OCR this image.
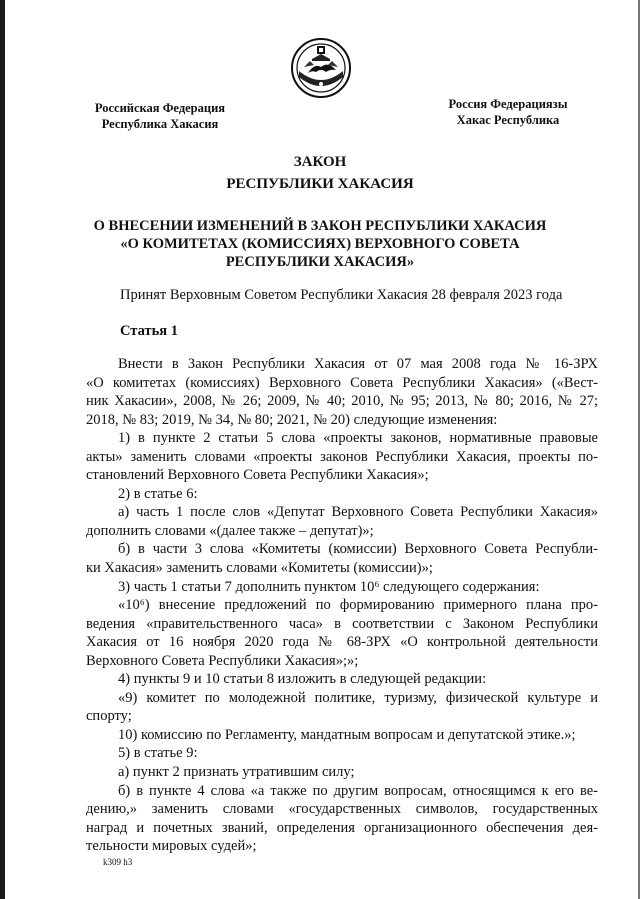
Российская Федерация
Республика Хакасия
Россия Федерациязы
Хакас Республика
ЗАКОН
РЕСПУБЛИКИ ХАКАСИЯ
О ВНЕСЕНИИ ИЗМЕНЕНИЙ В ЗАКОН РЕСПУБЛИКИ ХАКАСИЯ
«О КОМИТЕТАХ (КОМИССИЯХ) ВЕРХОВНОГО СОВЕТА
РЕСПУБЛИКИ ХАКАСИЯ»
Принят Верховным Советом Республики Хакасия 28 февраля 2023 года
Статья 1
Внести в Закон Республики Хакасия от 07 мая 2008 года № 16-ЗРХ
«О комитетах (комиссиях) Верховного Совета Республики Хакасия» («Вест-
ник Хакасии», 2008, № 26; 2009, № 40; 2010, № 95; 2013, № 80; 2016, № 27;
2018, № 83; 2019, № 34, № 80; 2021, № 20) следующие изменения:
1) в пункте 2 статьи 5 слова «проекты законов, нормативные правовые
акты» заменить словами «проекты законов Республики Хакасия, проекты по-
становлений Верховного Совета Республики Хакасия»;
2) в статье 6:
а) часть 1 после слов «Депутат Верховного Совета Республики Хакасия»
дополнить словами «(далее также – депутат)»;
б) в части 3 слова «Комитеты (комиссии) Верховного Совета Республи-
ки Хакасия» заменить словами «Комитеты (комиссии)»;
3) часть 1 статьи 7 дополнить пунктом 10⁶ следующего содержания:
«10⁶) внесение предложений по формированию примерного плана про-
ведения «правительственного часа» в соответствии с Законом Республики
Хакасия от 16 ноября 2020 года № 68-ЗРХ «О контрольной деятельности
Верховного Совета Республики Хакасия»;»;
4) пункты 9 и 10 статьи 8 изложить в следующей редакции:
«9) комитет по молодежной политике, туризму, физической культуре и
спорту;
10) комиссию по Регламенту, мандатным вопросам и депутатской этике.»;
5) в статье 9:
а) пункт 2 признать утратившим силу;
б) в пункте 4 слова «а также по другим вопросам, относящимся к его ве-
дению,» заменить словами «государственных символов, государственных
наград и почетных званий, определения организационного обеспечения дея-
тельности мировых судей»;
k309 h3
